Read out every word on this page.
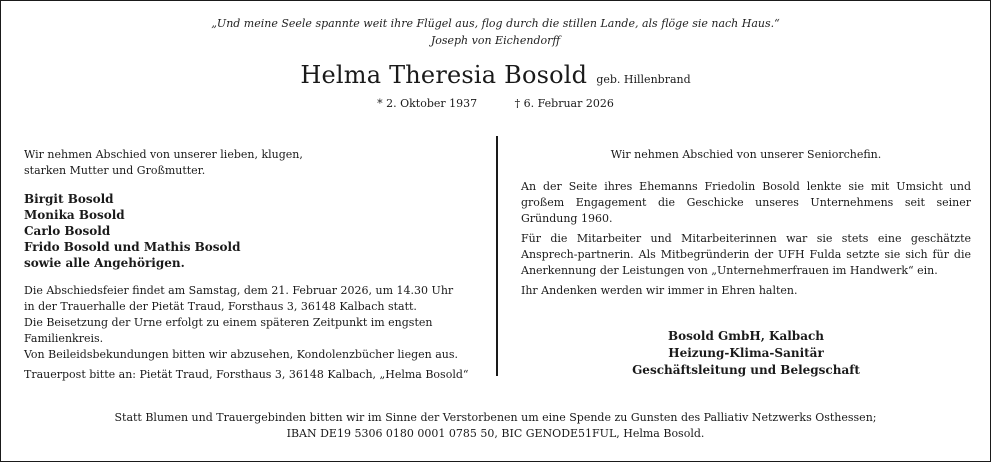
„Und meine Seele spannte weit ihre Flügel aus, flog durch die stillen Lande, als flöge sie nach Haus.“
Joseph von Eichendorff
Helma Theresia Bosold geb. Hillenbrand
* 2. Oktober 1937	† 6. Februar 2026
Wir nehmen Abschied von unserer lieben, klugen,
starken Mutter und Großmutter.
Birgit Bosold
Monika Bosold
Carlo Bosold
Frido Bosold und Mathis Bosold
sowie alle Angehörigen.
Die Abschiedsfeier findet am Samstag, dem 21. Februar 2026, um 14.30 Uhr
in der Trauerhalle der Pietät Traud, Forsthaus 3, 36148 Kalbach statt.
Die Beisetzung der Urne erfolgt zu einem späteren Zeitpunkt im engsten
Familienkreis.
Von Beileidsbekundungen bitten wir abzusehen, Kondolenzbücher liegen aus.
Trauerpost bitte an: Pietät Traud, Forsthaus 3, 36148 Kalbach, „Helma Bosold“
Wir nehmen Abschied von unserer Seniorchefin.

An der Seite ihres Ehemanns Friedolin Bosold lenkte sie mit Umsicht und großem Engagement die Geschicke unseres Unternehmens seit seiner Gründung 1960.

Für die Mitarbeiter und Mitarbeiterinnen war sie stets eine geschätzte Ansprech-partnerin. Als Mitbegründerin der UFH Fulda setzte sie sich für die Anerkennung der Leistungen von „Unternehmerfrauen im Handwerk“ ein.

Ihr Andenken werden wir immer in Ehren halten.

Bosold GmbH, Kalbach
Heizung-Klima-Sanitär
Geschäftsleitung und Belegschaft
Statt Blumen und Trauergebinden bitten wir im Sinne der Verstorbenen um eine Spende zu Gunsten des Palliativ Netzwerks Osthessen;
IBAN DE19 5306 0180 0001 0785 50, BIC GENODE51FUL, Helma Bosold.
